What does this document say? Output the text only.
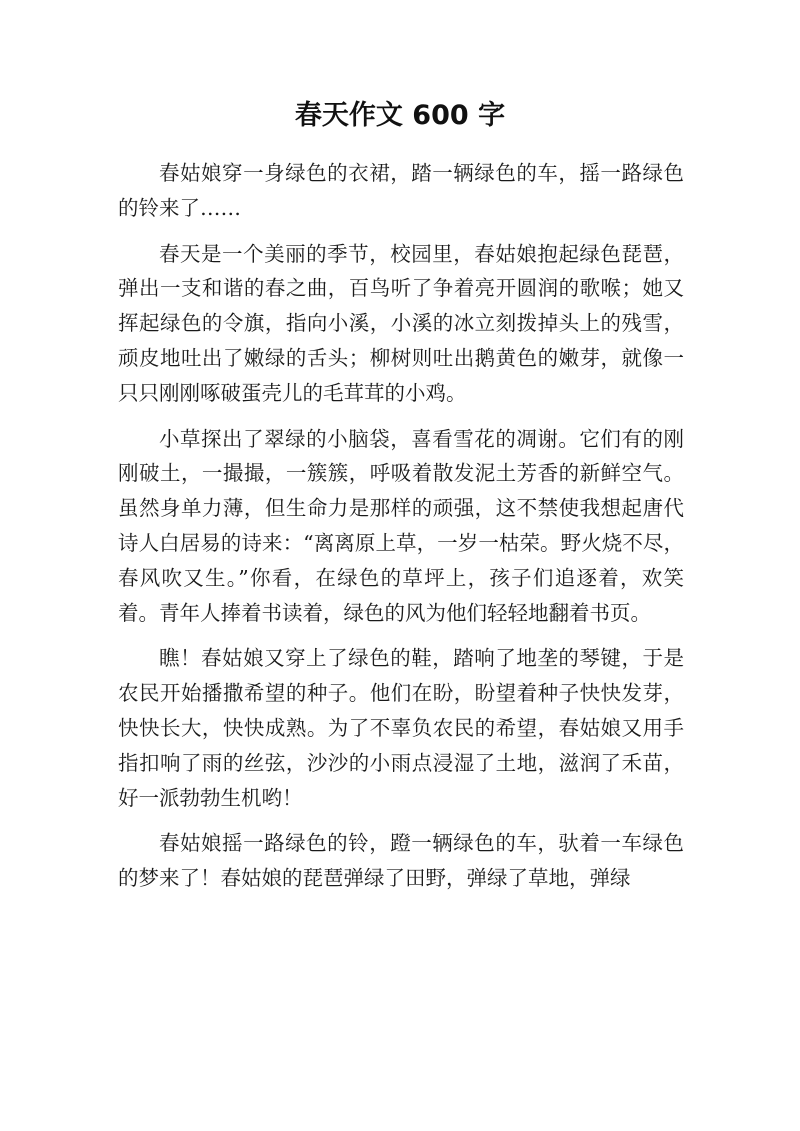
春天作文 600 字

春姑娘穿一身绿色的衣裙，踏一辆绿色的车，摇一路绿色的铃来了……

春天是一个美丽的季节，校园里，春姑娘抱起绿色琵琶，弹出一支和谐的春之曲，百鸟听了争着亮开圆润的歌喉；她又挥起绿色的令旗，指向小溪，小溪的冰立刻拨掉头上的残雪，顽皮地吐出了嫩绿的舌头；柳树则吐出鹅黄色的嫩芽，就像一只只刚刚啄破蛋壳儿的毛茸茸的小鸡。

小草探出了翠绿的小脑袋，喜看雪花的凋谢。它们有的刚刚破土，一撮撮，一簇簇，呼吸着散发泥土芳香的新鲜空气。虽然身单力薄，但生命力是那样的顽强，这不禁使我想起唐代诗人白居易的诗来：“离离原上草，一岁一枯荣。野火烧不尽，春风吹又生。”你看，在绿色的草坪上，孩子们追逐着，欢笑着。青年人捧着书读着，绿色的风为他们轻轻地翻着书页。

瞧！春姑娘又穿上了绿色的鞋，踏响了地垄的琴键，于是农民开始播撒希望的种子。他们在盼，盼望着种子快快发芽，快快长大，快快成熟。为了不辜负农民的希望，春姑娘又用手指扣响了雨的丝弦，沙沙的小雨点浸湿了土地，滋润了禾苗，好一派勃勃生机哟！

春姑娘摇一路绿色的铃，蹬一辆绿色的车，驮着一车绿色的梦来了！春姑娘的琵琶弹绿了田野，弹绿了草地，弹绿
